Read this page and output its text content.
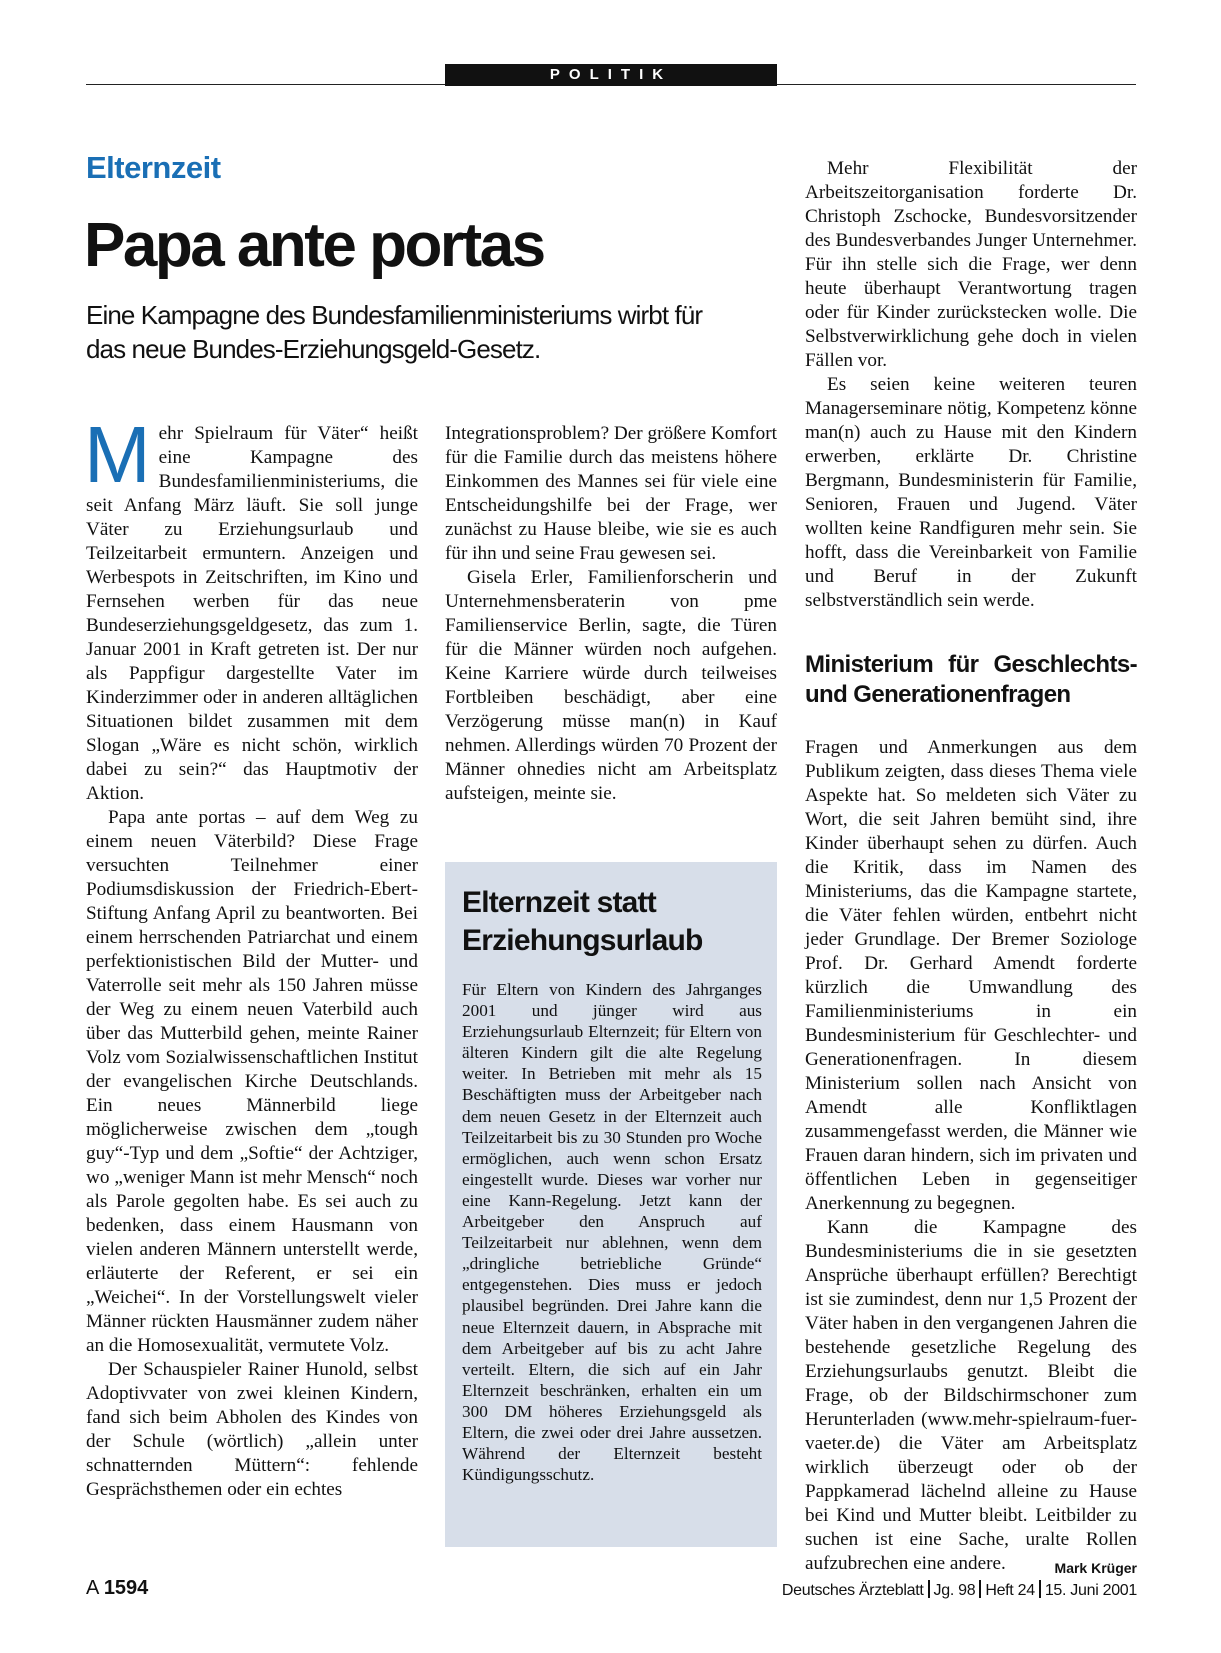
POLITIK
Elternzeit
Papa ante portas
Eine Kampagne des Bundesfamilienministeriums wirbt für das neue Bundes-Erziehungsgeld-Gesetz.

Mehr Spielraum für Väter“ heißt eine Kampagne des Bundesfamilienministeriums, die seit Anfang März läuft. Sie soll junge Väter zu Erziehungsurlaub und Teilzeitarbeit ermuntern. Anzeigen und Werbespots in Zeitschriften, im Kino und Fernsehen werben für das neue Bundeserziehungsgeldgesetz, das zum 1. Januar 2001 in Kraft getreten ist. Der nur als Pappfigur dargestellte Vater im Kinderzimmer oder in anderen alltäglichen Situationen bildet zusammen mit dem Slogan „Wäre es nicht schön, wirklich dabei zu sein?“ das Hauptmotiv der Aktion.

Papa ante portas – auf dem Weg zu einem neuen Väterbild? Diese Frage versuchten Teilnehmer einer Podiumsdiskussion der Friedrich-Ebert-Stiftung Anfang April zu beantworten. Bei einem herrschenden Patriarchat und einem perfektionistischen Bild der Mutter- und Vaterrolle seit mehr als 150 Jahren müsse der Weg zu einem neuen Vaterbild auch über das Mutterbild gehen, meinte Rainer Volz vom Sozialwissenschaftlichen Institut der evangelischen Kirche Deutschlands. Ein neues Männerbild liege möglicherweise zwischen dem „tough guy“-Typ und dem „Softie“ der Achtziger, wo „weniger Mann ist mehr Mensch“ noch als Parole gegolten habe. Es sei auch zu bedenken, dass einem Hausmann von vielen anderen Männern unterstellt werde, erläuterte der Referent, er sei ein „Weichei“. In der Vorstellungswelt vieler Männer rückten Hausmänner zudem näher an die Homosexualität, vermutete Volz.

Der Schauspieler Rainer Hunold, selbst Adoptivvater von zwei kleinen Kindern, fand sich beim Abholen des Kindes von der Schule (wörtlich) „allein unter schnatternden Müttern“: fehlende Gesprächsthemen oder ein echtes

Integrationsproblem? Der größere Komfort für die Familie durch das meistens höhere Einkommen des Mannes sei für viele eine Entscheidungshilfe bei der Frage, wer zunächst zu Hause bleibe, wie sie es auch für ihn und seine Frau gewesen sei.

Gisela Erler, Familienforscherin und Unternehmensberaterin von pme Familienservice Berlin, sagte, die Türen für die Männer würden noch aufgehen. Keine Karriere würde durch teilweises Fortbleiben beschädigt, aber eine Verzögerung müsse man(n) in Kauf nehmen. Allerdings würden 70 Prozent der Männer ohnedies nicht am Arbeitsplatz aufsteigen, meinte sie.

Elternzeit statt Erziehungsurlaub
Für Eltern von Kindern des Jahrganges 2001 und jünger wird aus Erziehungsurlaub Elternzeit; für Eltern von älteren Kindern gilt die alte Regelung weiter. In Betrieben mit mehr als 15 Beschäftigten muss der Arbeitgeber nach dem neuen Gesetz in der Elternzeit auch Teilzeitarbeit bis zu 30 Stunden pro Woche ermöglichen, auch wenn schon Ersatz eingestellt wurde. Dieses war vorher nur eine Kann-Regelung. Jetzt kann der Arbeitgeber den Anspruch auf Teilzeitarbeit nur ablehnen, wenn dem „dringliche betriebliche Gründe“ entgegenstehen. Dies muss er jedoch plausibel begründen. Drei Jahre kann die neue Elternzeit dauern, in Absprache mit dem Arbeitgeber auf bis zu acht Jahre verteilt. Eltern, die sich auf ein Jahr Elternzeit beschränken, erhalten ein um 300 DM höheres Erziehungsgeld als Eltern, die zwei oder drei Jahre aussetzen. Während der Elternzeit besteht Kündigungsschutz.

Mehr Flexibilität der Arbeitszeitorganisation forderte Dr. Christoph Zschocke, Bundesvorsitzender des Bundesverbandes Junger Unternehmer. Für ihn stelle sich die Frage, wer denn heute überhaupt Verantwortung tragen oder für Kinder zurückstecken wolle. Die Selbstverwirklichung gehe doch in vielen Fällen vor.

Es seien keine weiteren teuren Managerseminare nötig, Kompetenz könne man(n) auch zu Hause mit den Kindern erwerben, erklärte Dr. Christine Bergmann, Bundesministerin für Familie, Senioren, Frauen und Jugend. Väter wollten keine Randfiguren mehr sein. Sie hofft, dass die Vereinbarkeit von Familie und Beruf in der Zukunft selbstverständlich sein werde.

Ministerium für Geschlechts- und Generationenfragen

Fragen und Anmerkungen aus dem Publikum zeigten, dass dieses Thema viele Aspekte hat. So meldeten sich Väter zu Wort, die seit Jahren bemüht sind, ihre Kinder überhaupt sehen zu dürfen. Auch die Kritik, dass im Namen des Ministeriums, das die Kampagne startete, die Väter fehlen würden, entbehrt nicht jeder Grundlage. Der Bremer Soziologe Prof. Dr. Gerhard Amendt forderte kürzlich die Umwandlung des Familienministeriums in ein Bundesministerium für Geschlechter- und Generationenfragen. In diesem Ministerium sollen nach Ansicht von Amendt alle Konfliktlagen zusammengefasst werden, die Männer wie Frauen daran hindern, sich im privaten und öffentlichen Leben in gegenseitiger Anerkennung zu begegnen.

Kann die Kampagne des Bundesministeriums die in sie gesetzten Ansprüche überhaupt erfüllen? Berechtigt ist sie zumindest, denn nur 1,5 Prozent der Väter haben in den vergangenen Jahren die bestehende gesetzliche Regelung des Erziehungsurlaubs genutzt. Bleibt die Frage, ob der Bildschirmschoner zum Herunterladen (www.mehr-spielraum-fuer-vaeter.de) die Väter am Arbeitsplatz wirklich überzeugt oder ob der Pappkamerad lächelnd alleine zu Hause bei Kind und Mutter bleibt. Leitbilder zu suchen ist eine Sache, uralte Rollen aufzubrechen eine andere.	Mark Krüger

A 1594	Deutsches Ärzteblatt Jg. 98 Heft 24 15. Juni 2001
